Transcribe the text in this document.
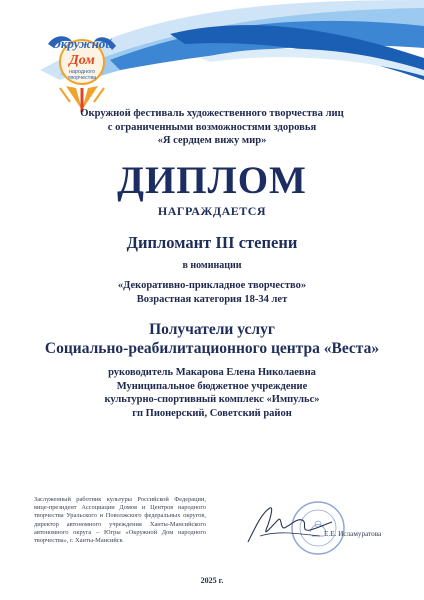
Окружной
Дом
народного
творчества
Окружной фестиваль художественного творчества лиц
с ограниченными возможностями здоровья
«Я сердцем вижу мир»
ДИПЛОМ
НАГРАЖДАЕТСЯ
Дипломант III степени
в номинации
«Декоративно-прикладное творчество»
Возрастная категория 18-34 лет
Получатели услуг
Социально-реабилитационного центра «Веста»
руководитель Макарова Елена Николаевна
Муниципальное бюджетное учреждение
культурно-спортивный комплекс «Импульс»
гп Пионерский, Советский район
Заслуженный работник культуры Российской Федерации, вице-президент Ассоциации Домов и Центров народного творчества Уральского и Поволжского федеральных округов, директор автономного учреждения Ханты-Мансийского автономного округа – Югры «Окружной Дом народного творчества», г. Ханты-Мансийск
Е.Е. Исламуратова
2025 г.
